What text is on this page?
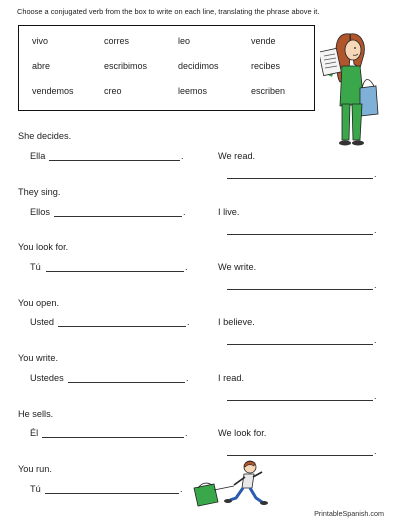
Choose a conjugated verb from the box to write on each line, translating the phrase above it.
vivo	corres	leo	vende
abre	escribimos	decidimos	recibes
vendemos	creo	leemos	escriben
She decides.
Ella	.
They sing.
Ellos	.
You look for.
Tú	.
You open.
Usted	.
You write.
Ustedes	.
He sells.
Él	.
You run.
Tú	.
We read.
.
I live.
.
We write.
.
I believe.
.
I read.
.
We look for.
.
PrintableSpanish.com
